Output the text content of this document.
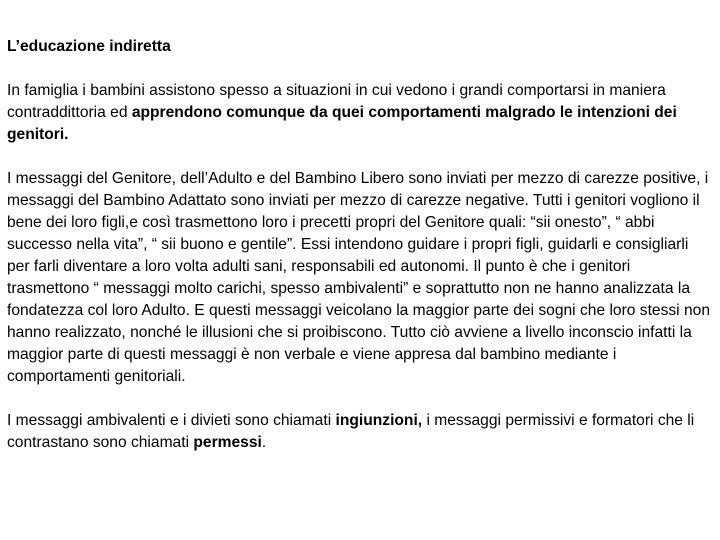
L’educazione indiretta

In famiglia i bambini assistono spesso a situazioni in cui vedono i grandi comportarsi in maniera contraddittoria ed apprendono comunque da quei comportamenti malgrado le intenzioni dei genitori.

I messaggi del Genitore, dell’Adulto e del Bambino Libero sono inviati per mezzo di carezze positive, i messaggi del Bambino Adattato sono inviati per mezzo di carezze negative. Tutti i genitori vogliono il bene dei loro figli,e così trasmettono loro i precetti propri del Genitore quali: “sii onesto”, “ abbi successo nella vita”, “ sii buono e gentile”. Essi intendono guidare i propri figli, guidarli e consigliarli per farli diventare a loro volta adulti sani, responsabili ed autonomi. Il punto è che i genitori trasmettono “ messaggi molto carichi, spesso ambivalenti” e soprattutto non ne hanno analizzata la fondatezza col loro Adulto. E questi messaggi veicolano la maggior parte dei sogni che loro stessi non hanno realizzato, nonché le illusioni che si proibiscono. Tutto ciò avviene a livello inconscio infatti la maggior parte di questi messaggi è non verbale e viene appresa dal bambino mediante i comportamenti genitoriali.

I messaggi ambivalenti e i divieti sono chiamati ingiunzioni, i messaggi permissivi e formatori che li contrastano sono chiamati permessi.
